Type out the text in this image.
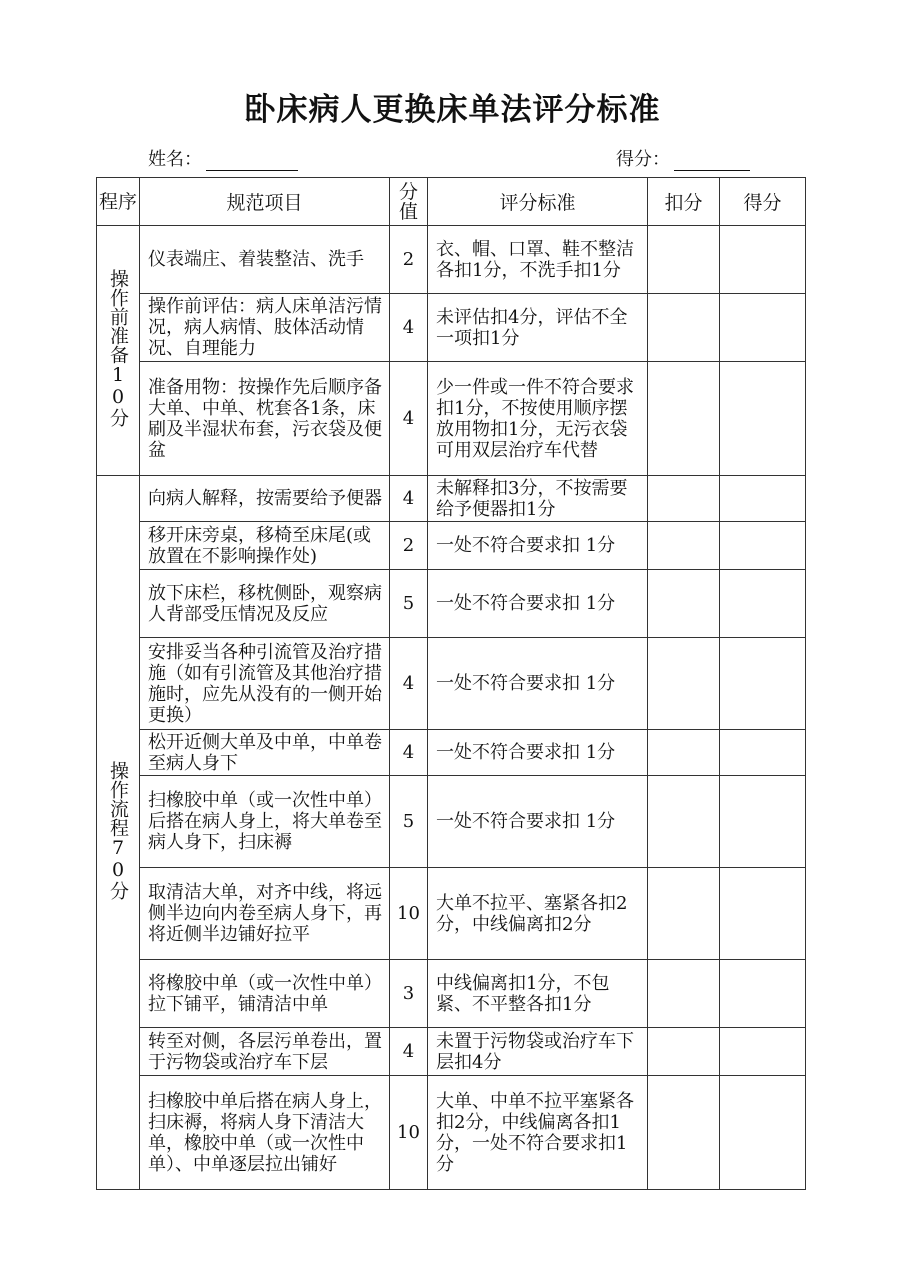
卧床病人更换床单法评分标准
姓名：	得分：
程序	规范项目	分值	评分标准	扣分	得分
操作前准备10分	仪表端庄、着装整洁、洗手	2	衣、帽、口罩、鞋不整洁各扣1分，不洗手扣1分		
	操作前评估：病人床单洁污情况，病人病情、肢体活动情况、自理能力	4	未评估扣4分，评估不全一项扣1分		
	准备用物：按操作先后顺序备大单、中单、枕套各1条，床刷及半湿状布套，污衣袋及便盆	4	少一件或一件不符合要求扣1分，不按使用顺序摆放用物扣1分，无污衣袋可用双层治疗车代替		
操作流程70分	向病人解释，按需要给予便器	4	未解释扣3分，不按需要给予便器扣1分		
	移开床旁桌，移椅至床尾(或放置在不影响操作处)	2	一处不符合要求扣 1分		
	放下床栏，移枕侧卧，观察病人背部受压情况及反应	5	一处不符合要求扣 1分		
	安排妥当各种引流管及治疗措施（如有引流管及其他治疗措施时，应先从没有的一侧开始更换）	4	一处不符合要求扣 1分		
	松开近侧大单及中单，中单卷至病人身下	4	一处不符合要求扣 1分		
	扫橡胶中单（或一次性中单）后搭在病人身上，将大单卷至病人身下，扫床褥	5	一处不符合要求扣 1分		
	取清洁大单，对齐中线，将远侧半边向内卷至病人身下，再将近侧半边铺好拉平	10	大单不拉平、塞紧各扣2分，中线偏离扣2分		
	将橡胶中单（或一次性中单）拉下铺平，铺清洁中单	3	中线偏离扣1分，不包紧、不平整各扣1分		
	转至对侧，各层污单卷出，置于污物袋或治疗车下层	4	未置于污物袋或治疗车下层扣4分		
	扫橡胶中单后搭在病人身上，扫床褥，将病人身下清洁大单，橡胶中单（或一次性中单）、中单逐层拉出铺好	10	大单、中单不拉平塞紧各扣2分，中线偏离各扣1分，一处不符合要求扣1分		
